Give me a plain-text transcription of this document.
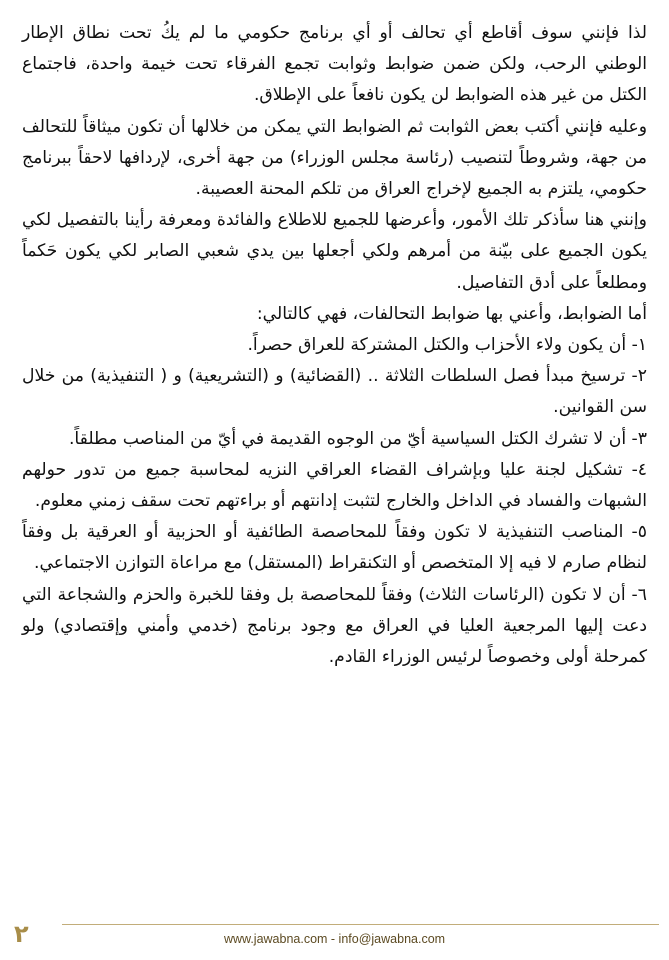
لذا فإنني سوف أقاطع أي تحالف أو أي برنامج حكومي ما لم يكُ تحت نطاق الإطار الوطني الرحب، ولكن ضمن ضوابط وثوابت تجمع الفرقاء تحت خيمة واحدة، فاجتماع الكتل من غير هذه الضوابط لن يكون نافعاً على الإطلاق.

وعليه فإنني أكتب بعض الثوابت ثم الضوابط التي يمكن من خلالها أن تكون ميثاقاً للتحالف من جهة، وشروطاً لتنصيب (رئاسة مجلس الوزراء) من جهة أخرى، لإردافها لاحقاً ببرنامج حكومي، يلتزم به الجميع لإخراج العراق من تلكم المحنة العصيبة.

وإنني هنا سأذكر تلك الأمور، وأعرضها للجميع للاطلاع والفائدة ومعرفة رأينا بالتفصيل لكي يكون الجميع على بيّنة من أمرهم ولكي أجعلها بين يدي شعبي الصابر لكي يكون حَكماً ومطلعاً على أدق التفاصيل.

أما الضوابط، وأعني بها ضوابط التحالفات، فهي كالتالي:

١- أن يكون ولاء الأحزاب والكتل المشتركة للعراق حصراً.

٢- ترسيخ مبدأ فصل السلطات الثلاثة .. (القضائية) و (التشريعية) و ( التنفيذية) من خلال سن القوانين.

٣- أن لا تشرك الكتل السياسية أيّ من الوجوه القديمة في أيّ من المناصب مطلقاً.

٤- تشكيل لجنة عليا وبإشراف القضاء العراقي النزيه لمحاسبة جميع من تدور حولهم الشبهات والفساد في الداخل والخارج لتثبت إدانتهم أو براءتهم تحت سقف زمني معلوم.

٥- المناصب التنفيذية لا تكون وفقاً للمحاصصة الطائفية أو الحزبية أو العرقية بل وفقاً لنظام صارم لا فيه إلا المتخصص أو التكنقراط (المستقل) مع مراعاة التوازن الاجتماعي.

٦- أن لا تكون (الرئاسات الثلاث) وفقاً للمحاصصة بل وفقا للخبرة والحزم والشجاعة التي دعت إليها المرجعية العليا في العراق مع وجود برنامج (خدمي وأمني وإقتصادي) ولو كمرحلة أولى وخصوصاً لرئيس الوزراء القادم.

www.jawabna.com - info@jawabna.com
٢
